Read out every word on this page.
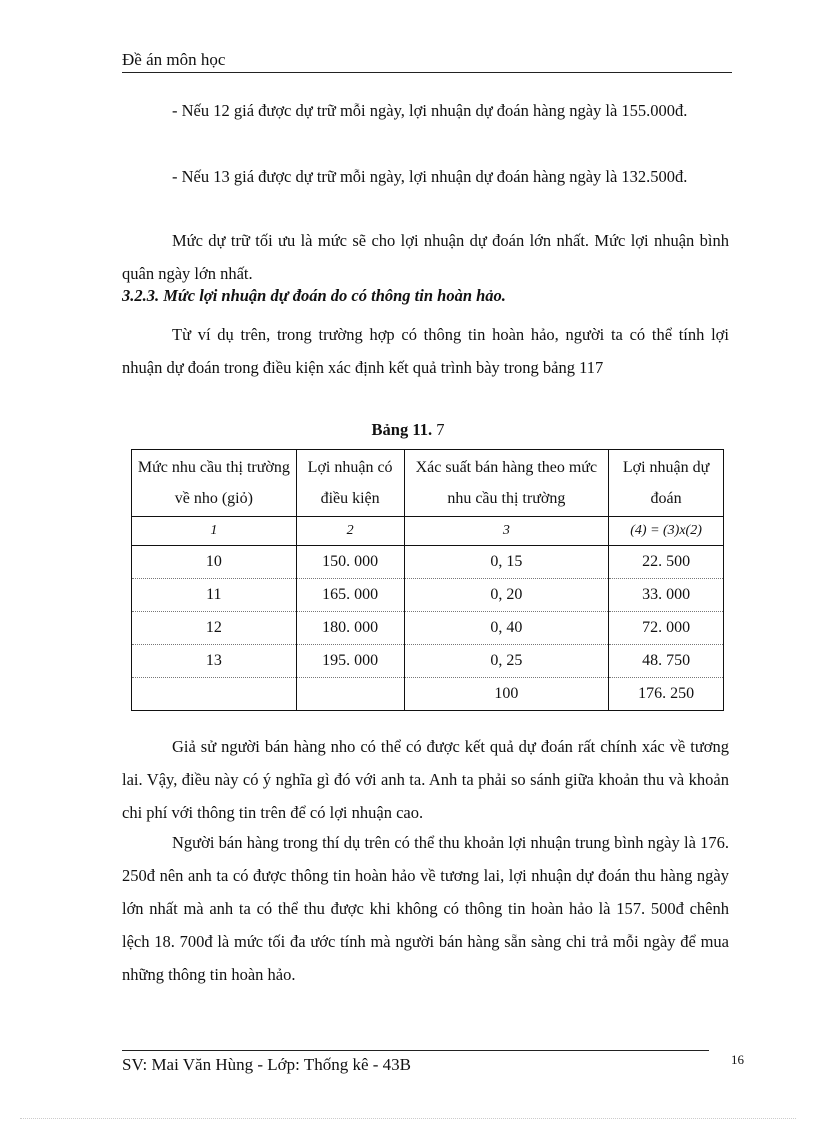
Đề án môn học

- Nếu 12 giá được dự trữ mỗi ngày, lợi nhuận dự đoán hàng ngày là 155.000đ.

- Nếu 13 giá được dự trữ mỗi ngày, lợi nhuận dự đoán hàng ngày là 132.500đ.

Mức dự trữ tối ưu là mức sẽ cho lợi nhuận dự đoán lớn nhất. Mức lợi nhuận bình quân ngày lớn nhất.

3.2.3. Mức lợi nhuận dự đoán do có thông tin hoàn hảo.

Từ ví dụ trên, trong trường hợp có thông tin hoàn hảo, người ta có thể tính lợi nhuận dự đoán trong điều kiện xác định kết quả trình bày trong bảng 117

Bảng 11. 7
Mức nhu cầu thị trường về nho (giỏ)	Lợi nhuận có điều kiện	Xác suất bán hàng theo mức nhu cầu thị trường	Lợi nhuận dự đoán
1	2	3	(4) = (3)x(2)
10	150. 000	0, 15	22. 500
11	165. 000	0, 20	33. 000
12	180. 000	0, 40	72. 000
13	195. 000	0, 25	48. 750
		100	176. 250

Giả sử người bán hàng nho có thể có được kết quả dự đoán rất chính xác về tương lai. Vậy, điều này có ý nghĩa gì đó với anh ta. Anh ta phải so sánh giữa khoản thu và khoản chi phí với thông tin trên để có lợi nhuận cao.

Người bán hàng trong thí dụ trên có thể thu khoản lợi nhuận trung bình ngày là 176. 250đ nên anh ta có được thông tin hoàn hảo về tương lai, lợi nhuận dự đoán thu hàng ngày lớn nhất mà anh ta có thể thu được khi không có thông tin hoàn hảo là 157. 500đ chênh lệch 18. 700đ là mức tối đa ước tính mà người bán hàng sẵn sàng chi trả mỗi ngày để mua những thông tin hoàn hảo.

SV: Mai Văn Hùng - Lớp: Thống kê - 43B	16
